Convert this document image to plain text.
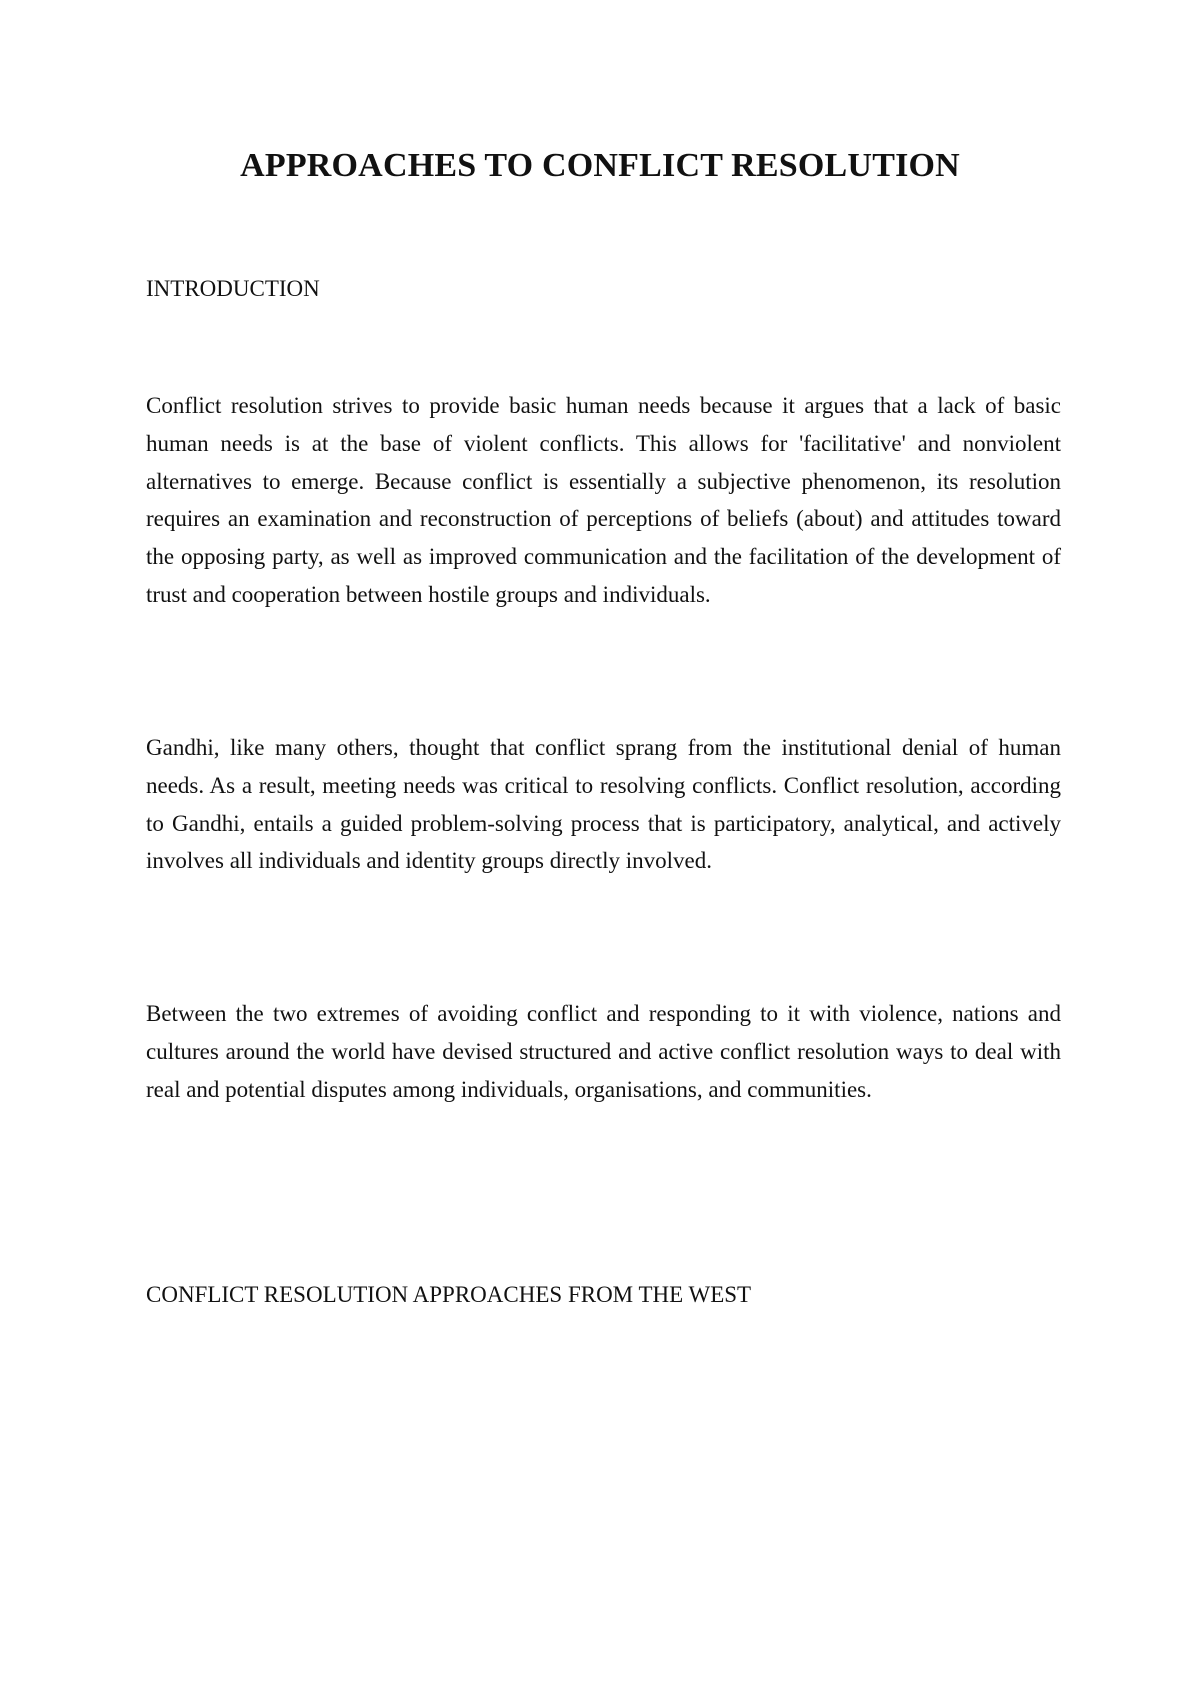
APPROACHES TO CONFLICT RESOLUTION

INTRODUCTION

Conflict resolution strives to provide basic human needs because it argues that a lack of basic human needs is at the base of violent conflicts. This allows for 'facilitative' and nonviolent alternatives to emerge. Because conflict is essentially a subjective phenomenon, its resolution requires an examination and reconstruction of perceptions of beliefs (about) and attitudes toward the opposing party, as well as improved communication and the facilitation of the development of trust and cooperation between hostile groups and individuals.

Gandhi, like many others, thought that conflict sprang from the institutional denial of human needs. As a result, meeting needs was critical to resolving conflicts. Conflict resolution, according to Gandhi, entails a guided problem-solving process that is participatory, analytical, and actively involves all individuals and identity groups directly involved.

Between the two extremes of avoiding conflict and responding to it with violence, nations and cultures around the world have devised structured and active conflict resolution ways to deal with real and potential disputes among individuals, organisations, and communities.

CONFLICT RESOLUTION APPROACHES FROM THE WEST
